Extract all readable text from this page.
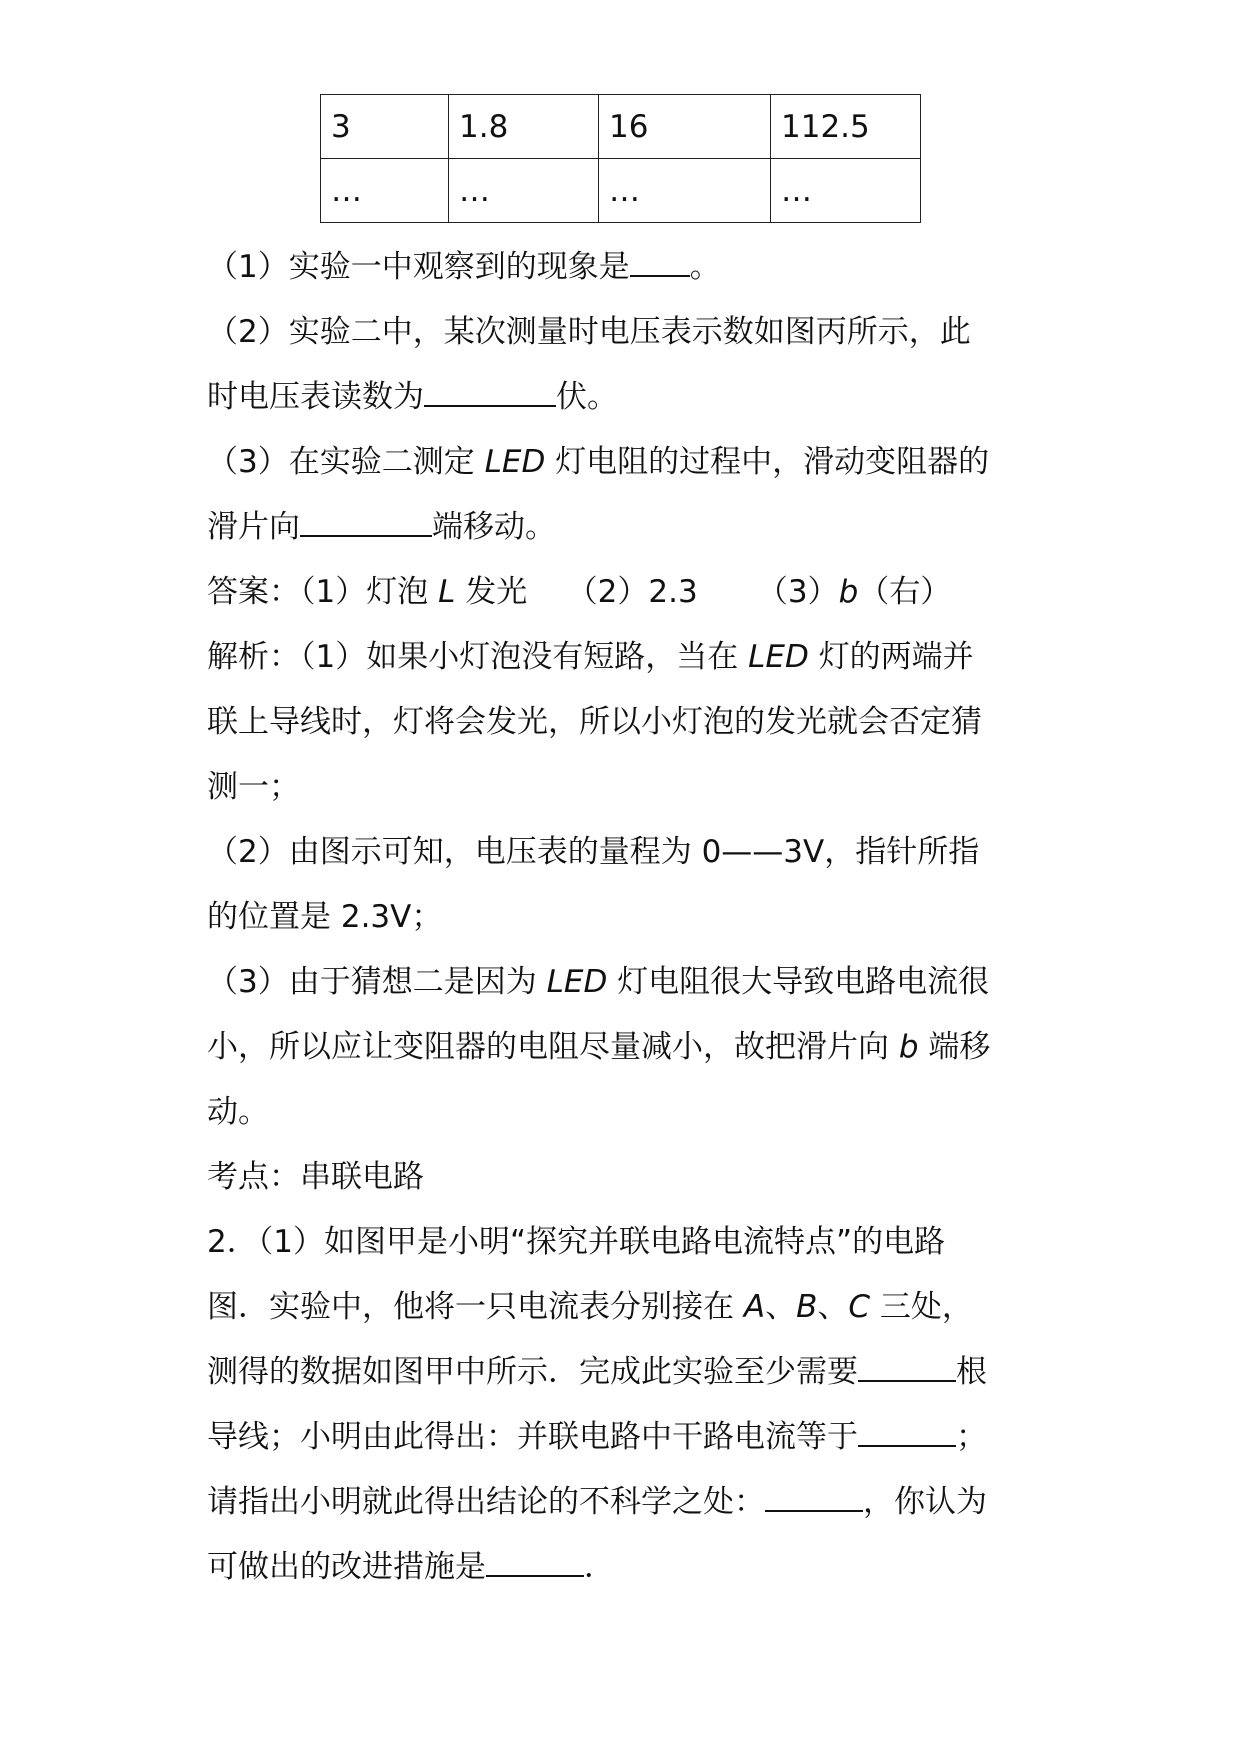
3	1.8	16	112.5
…	…	…	…
（1）实验一中观察到的现象是 。
（2）实验二中，某次测量时电压表示数如图丙所示，此
时电压表读数为	伏。
（3）在实验二测定 LED 灯电阻的过程中，滑动变阻器的
滑片向	端移动。
答案：（1）灯泡 L 发光 （2）2.3 （3）b（右）
解析：（1）如果小灯泡没有短路，当在 LED 灯的两端并
联上导线时，灯将会发光，所以小灯泡的发光就会否定猜
测一；
（2）由图示可知，电压表的量程为 0——3V，指针所指
的位置是 2.3V；
（3）由于猜想二是因为 LED 灯电阻很大导致电路电流很
小，所以应让变阻器的电阻尽量减小，故把滑片向 b 端移
动。
考点：串联电路
2．（1）如图甲是小明“探究并联电路电流特点”的电路
图．实验中，他将一只电流表分别接在 A、B、C 三处，
测得的数据如图甲中所示．完成此实验至少需要	根
导线；小明由此得出：并联电路中干路电流等于	；
请指出小明就此得出结论的不科学之处：	，你认为
可做出的改进措施是	．
